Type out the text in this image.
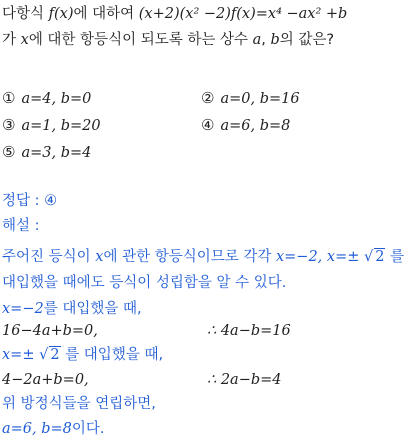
다항식 f(x)에 대하여 (x+2)(x² −2)f(x)=x⁴ −ax² +b
가 x에 대한 항등식이 되도록 하는 상수 a, b의 값은?
① a=4, b=0	② a=0, b=16
③ a=1, b=20	④ a=6, b=8
⑤ a=3, b=4
정답 : ④
해설 :
주어진 등식이 x에 관한 항등식이므로 각각 x=−2, x=± √ 2 를
대입했을 때에도 등식이 성립함을 알 수 있다.
x=−2를 대입했을 때,
16−4a+b=0,	∴ 4a−b=16
x=± √ 2 를 대입했을 때,
4−2a+b=0,	∴ 2a−b=4
위 방정식들을 연립하면,
a=6, b=8이다.
